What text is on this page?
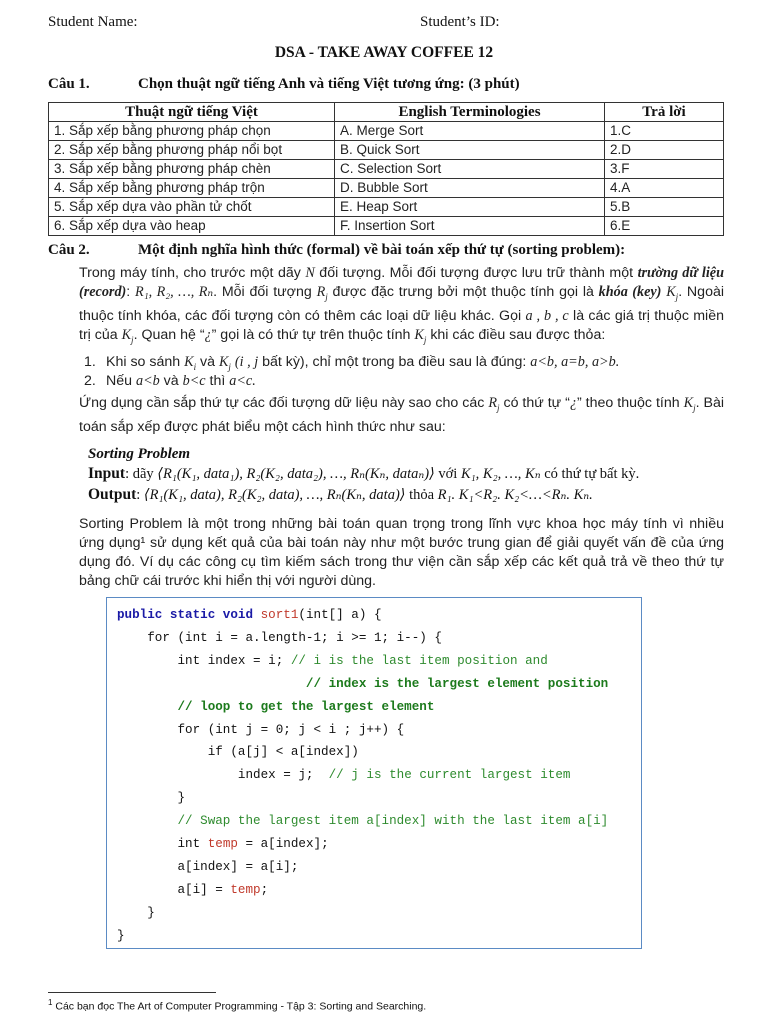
Student Name:	Student’s ID:
DSA - TAKE AWAY COFFEE 12
Câu 1.	Chọn thuật ngữ tiếng Anh và tiếng Việt tương ứng: (3 phút)
Thuật ngữ tiếng Việt	English Terminologies	Trả lời
1. Sắp xếp bằng phương pháp chọn	A. Merge Sort	1.C
2. Sắp xếp bằng phương pháp nổi bọt	B. Quick Sort	2.D
3. Sắp xếp bằng phương pháp chèn	C. Selection Sort	3.F
4. Sắp xếp bằng phương pháp trộn	D. Bubble Sort	4.A
5. Sắp xếp dựa vào phần tử chốt	E. Heap Sort	5.B
6. Sắp xếp dựa vào heap	F. Insertion Sort	6.E
Câu 2.	Một định nghĩa hình thức (formal) về bài toán xếp thứ tự (sorting problem):
Trong máy tính, cho trước một dãy N đối tượng. Mỗi đối tượng được lưu trữ thành một trường dữ liệu (record): R₁, R₂, …, Rₙ. Mỗi đối tượng $R_j$ được đặc trưng bởi một thuộc tính gọi là khóa (key) $K_j$. Ngoài thuộc tính khóa, các đối tượng còn có thêm các loại dữ liệu khác. Gọi a , b , c là các giá trị thuộc miền trị của $K_j$. Quan hệ “¿” gọi là có thứ tự trên thuộc tính $K_j$ khi các điều sau được thỏa:
1. Khi so sánh $K_i$ và $K_j$ (i , j bất kỳ), chỉ một trong ba điều sau là đúng: a<b, a=b, a>b.
2. Nếu a<b và b<c thì a<c.
Ứng dụng cần sắp thứ tự các đối tượng dữ liệu này sao cho các $R_j$ có thứ tự “¿” theo thuộc tính $K_j$. Bài toán sắp xếp được phát biểu một cách hình thức như sau:
Sorting Problem
Input: dãy ⟨R₁(K₁, data₁), R₂(K₂, data₂), …, Rₙ(Kₙ, dataₙ)⟩ với K₁, K₂, …, Kₙ có thứ tự bất kỳ.
Output: ⟨R₁(K₁, data), R₂(K₂, data), …, Rₙ(Kₙ, data)⟩ thỏa R₁. K₁<R₂. K₂<…<Rₙ. Kₙ.
Sorting Problem là một trong những bài toán quan trọng trong lĩnh vực khoa học máy tính vì nhiều ứng dụng¹ sử dụng kết quả của bài toán này như một bước trung gian để giải quyết vấn đề của ứng dụng đó. Ví dụ các công cụ tìm kiếm sách trong thư viện cần sắp xếp các kết quả trả về theo thứ tự bảng chữ cái trước khi hiển thị với người dùng.
public static void sort1(int[] a) {
for (int i = a.length-1; i >= 1; i--) {
int index = i; // i is the last item position and
// index is the largest element position
// loop to get the largest element
for (int j = 0; j < i ; j++) {
if (a[j] < a[index])
index = j;  // j is the current largest item
}
// Swap the largest item a[index] with the last item a[i]
int temp = a[index];
a[index] = a[i];
a[i] = temp;
}
}
$^1$ Các bạn đọc The Art of Computer Programming - Tập 3: Sorting and Searching.
